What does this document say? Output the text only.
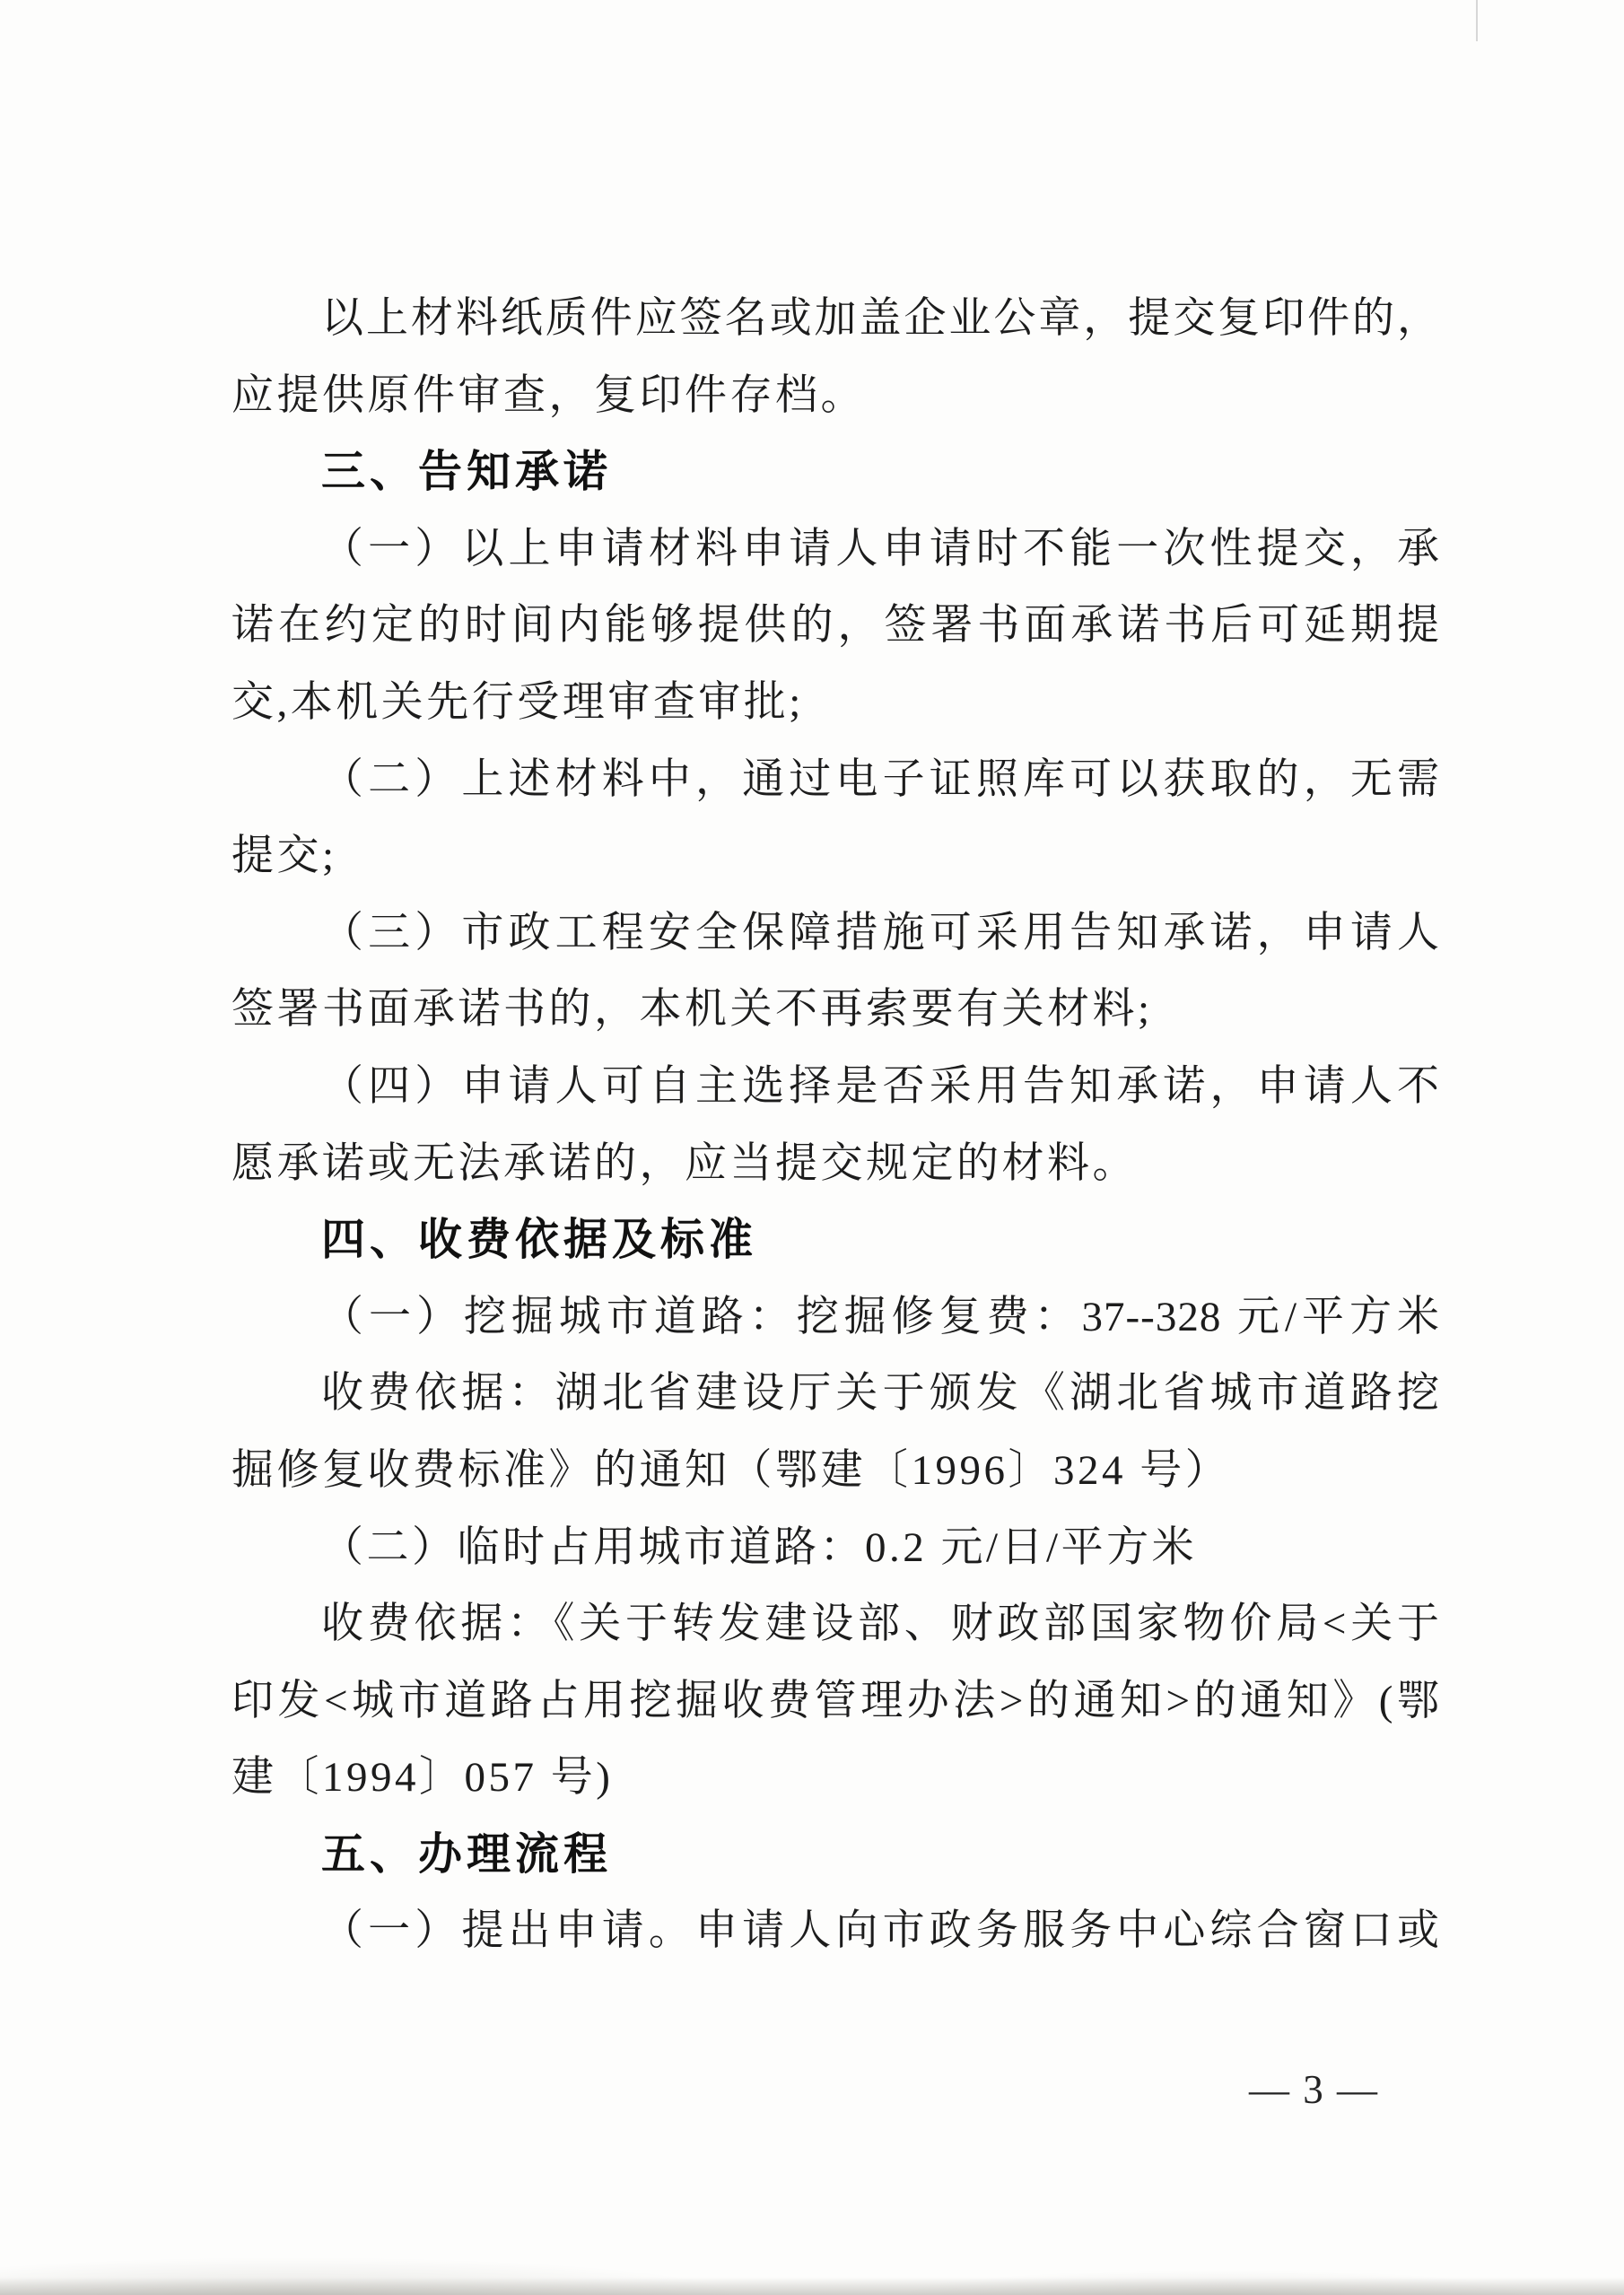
以上材料纸质件应签名或加盖企业公章，提交复印件的，
应提供原件审查，复印件存档。
三、告知承诺
（一）以上申请材料申请人申请时不能一次性提交，承
诺在约定的时间内能够提供的，签署书面承诺书后可延期提
交,本机关先行受理审查审批;
（二）上述材料中，通过电子证照库可以获取的，无需
提交;
（三）市政工程安全保障措施可采用告知承诺，申请人
签署书面承诺书的，本机关不再索要有关材料;
（四）申请人可自主选择是否采用告知承诺，申请人不
愿承诺或无法承诺的，应当提交规定的材料。
四、收费依据及标准
（一）挖掘城市道路：挖掘修复费：37--328 元/平方米
收费依据：湖北省建设厅关于颁发《湖北省城市道路挖
掘修复收费标准》的通知（鄂建〔1996〕324 号）
（二）临时占用城市道路：0.2 元/日/平方米
收费依据：《关于转发建设部、财政部国家物价局<关于
印发<城市道路占用挖掘收费管理办法>的通知>的通知》(鄂
建〔1994〕057 号)
五、办理流程
（一）提出申请。申请人向市政务服务中心综合窗口或
— 3 —
